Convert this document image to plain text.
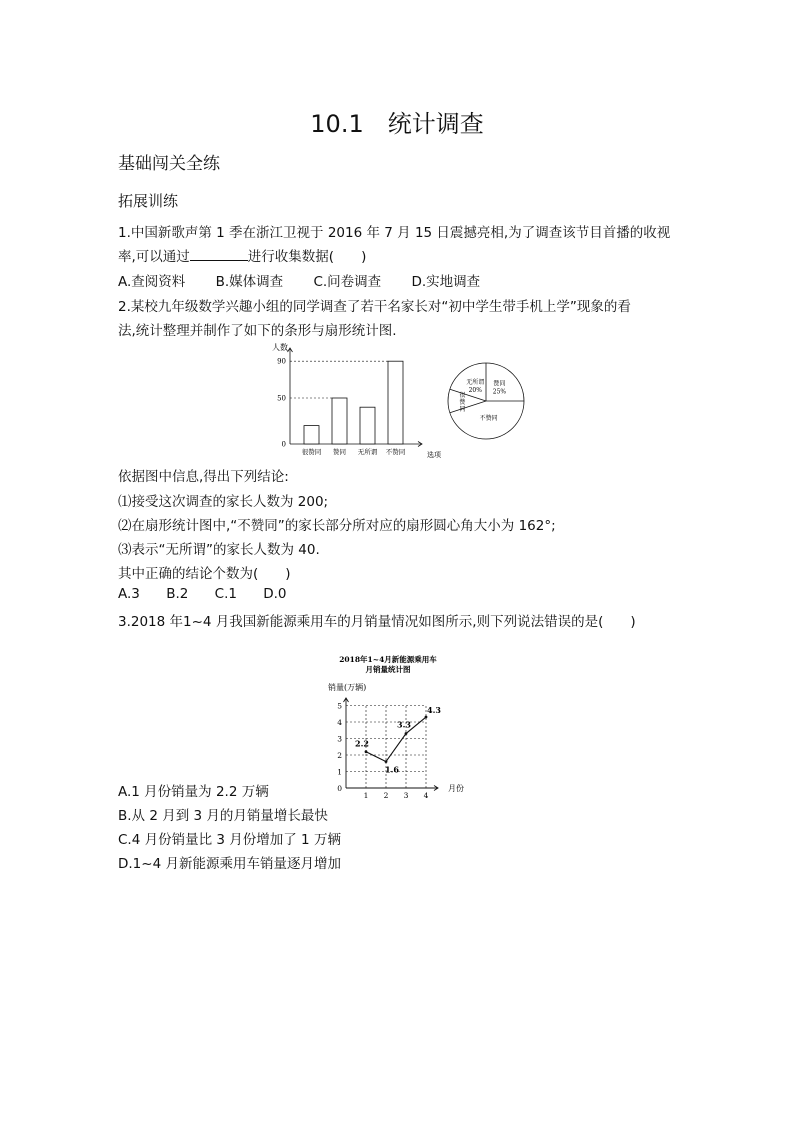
10.1　统计调查
基础闯关全练
拓展训练
1.中国新歌声第 1 季在浙江卫视于 2016 年 7 月 15 日震撼亮相,为了调查该节目首播的收视
率,可以通过	进行收集数据(　　)
A.查阅资料 B.媒体调查 C.问卷调查 D.实地调查
2.某校九年级数学兴趣小组的同学调查了若干名家长对“初中学生带手机上学”现象的看
法,统计整理并制作了如下的条形与扇形统计图.
人数
选项
0
50
90
很赞同 赞同 无所谓 不赞同
赞同
25%
不赞同
很
赞
同
无所谓
20%
依据图中信息,得出下列结论:
⑴接受这次调查的家长人数为 200;
⑵在扇形统计图中,“不赞同”的家长部分所对应的扇形圆心角大小为 162°;
⑶表示“无所谓”的家长人数为 40.
其中正确的结论个数为(　　)
A.3 B.2 C.1 D.0
3.2018 年1~4 月我国新能源乘用车的月销量情况如图所示,则下列说法错误的是(　　)
2018年1~4月新能源乘用车
月销量统计图
销量(万辆)
月份
0
1
2
3
4
5
1 2 3 4
2.2
1.6
3.3
4.3
A.1 月份销量为 2.2 万辆
B.从 2 月到 3 月的月销量增长最快
C.4 月份销量比 3 月份增加了 1 万辆
D.1~4 月新能源乘用车销量逐月增加
